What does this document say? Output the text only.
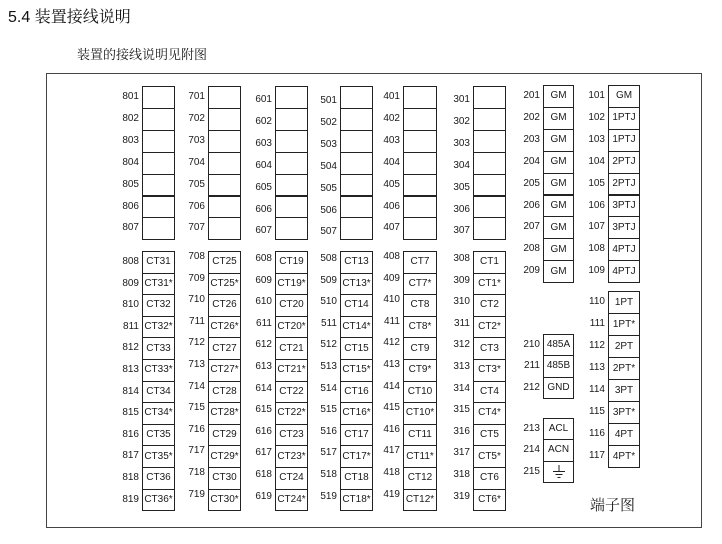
5.4 装置接线说明
装置的接线说明见附图
801
802
803
804
805
806
807
808 CT31
809 CT31*
810 CT32
811 CT32*
812 CT33
813 CT33*
814 CT34
815 CT34*
816 CT35
817 CT35*
818 CT36
819 CT36*
701
702
703
704
705
706
707
708 CT25
709 CT25*
710 CT26
711 CT26*
712 CT27
713 CT27*
714 CT28
715 CT28*
716 CT29
717 CT29*
718 CT30
719 CT30*
601
602
603
604
605
606
607
608 CT19
609 CT19*
610 CT20
611 CT20*
612 CT21
613 CT21*
614 CT22
615 CT22*
616 CT23
617 CT23*
618 CT24
619 CT24*
501
502
503
504
505
506
507
508 CT13
509 CT13*
510 CT14
511 CT14*
512 CT15
513 CT15*
514 CT16
515 CT16*
516 CT17
517 CT17*
518 CT18
519 CT18*
401
402
403
404
405
406
407
408 CT7
409 CT7*
410 CT8
411 CT8*
412 CT9
413 CT9*
414 CT10
415 CT10*
416 CT11
417 CT11*
418 CT12
419 CT12*
301
302
303
304
305
306
307
308 CT1
309 CT1*
310 CT2
311 CT2*
312 CT3
313 CT3*
314 CT4
315 CT4*
316 CT5
317 CT5*
318 CT6
319 CT6*
201 GM
202 GM
203 GM
204 GM
205 GM
206 GM
207 GM
208 GM
209 GM
210 485A
211 485B
212 GND
213 ACL
214 ACN
215
101 GM
102 1PTJ
103 1PTJ
104 2PTJ
105 2PTJ
106 3PTJ
107 3PTJ
108 4PTJ
109 4PTJ
110 1PT
111 1PT*
112 2PT
113 2PT*
114 3PT
115 3PT*
116 4PT
117 4PT*
端子图
